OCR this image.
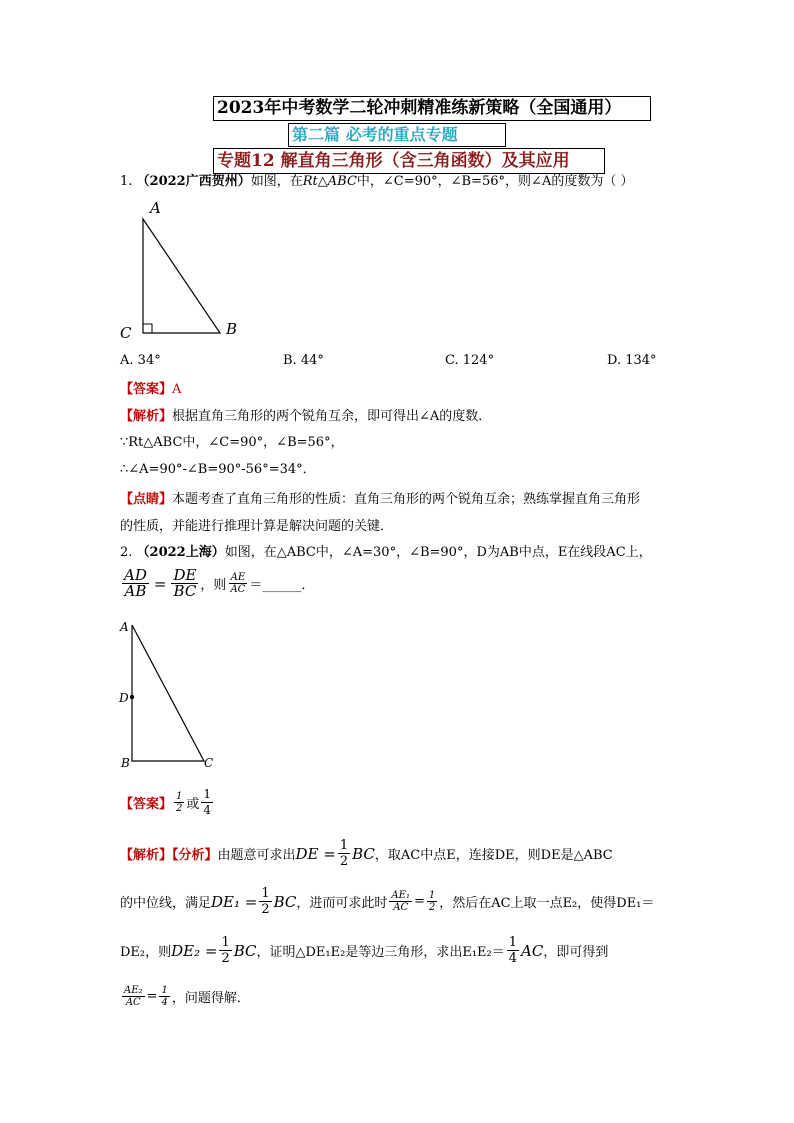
2023年中考数学二轮冲刺精准练新策略（全国通用）
第二篇 必考的重点专题
专题12 解直角三角形（含三角函数）及其应用
1. （2022广西贺州）如图，在Rt△ABC中，∠C=90°，∠B=56°，则∠A的度数为（ ）
A
C	B
A. 34°	B. 44°	C. 124°	D. 134°
【答案】A
【解析】根据直角三角形的两个锐角互余，即可得出∠A的度数．
∵Rt△ABC中，∠C=90°，∠B=56°，
∴∠A=90°-∠B=90°-56°=34°．
【点睛】本题考查了直角三角形的性质：直角三角形的两个锐角互余；熟练掌握直角三角形
的性质，并能进行推理计算是解决问题的关键．
2. （2022上海）如图，在△ABC中，∠A=30°，∠B=90°，D为AB中点，E在线段AC上，
$\frac{AD}{AB} = \frac{DE}{BC}$ ，则 $\frac{AE}{AC}$ ＝______．
A
D
B	C
【答案】 $\frac{1}{2}$ 或 $\frac{1}{4}$
【解析】【分析】 由题意可求出 DE = $\frac{1}{2}$ BC ，取AC中点E ，连接DE ，则DE 是△ABC
的中位线，满足 $DE_1 = \frac{1}{2}$ BC ，进而可求此时 $\frac{\text{AE₁}}{AC} = \frac{1}{2}$ ，然后在AC上取一点E₂，使得DE₁＝
DE₂，则 $DE_2 = \frac{1}{2}$ BC ，证明△DE₁E₂是等边三角形，求出$E_1E_2= \frac{1}{4}$ AC ，即可得到
$\frac{\text{AE₂}}{AC} = \frac{1}{4}$ ，问题得解．
